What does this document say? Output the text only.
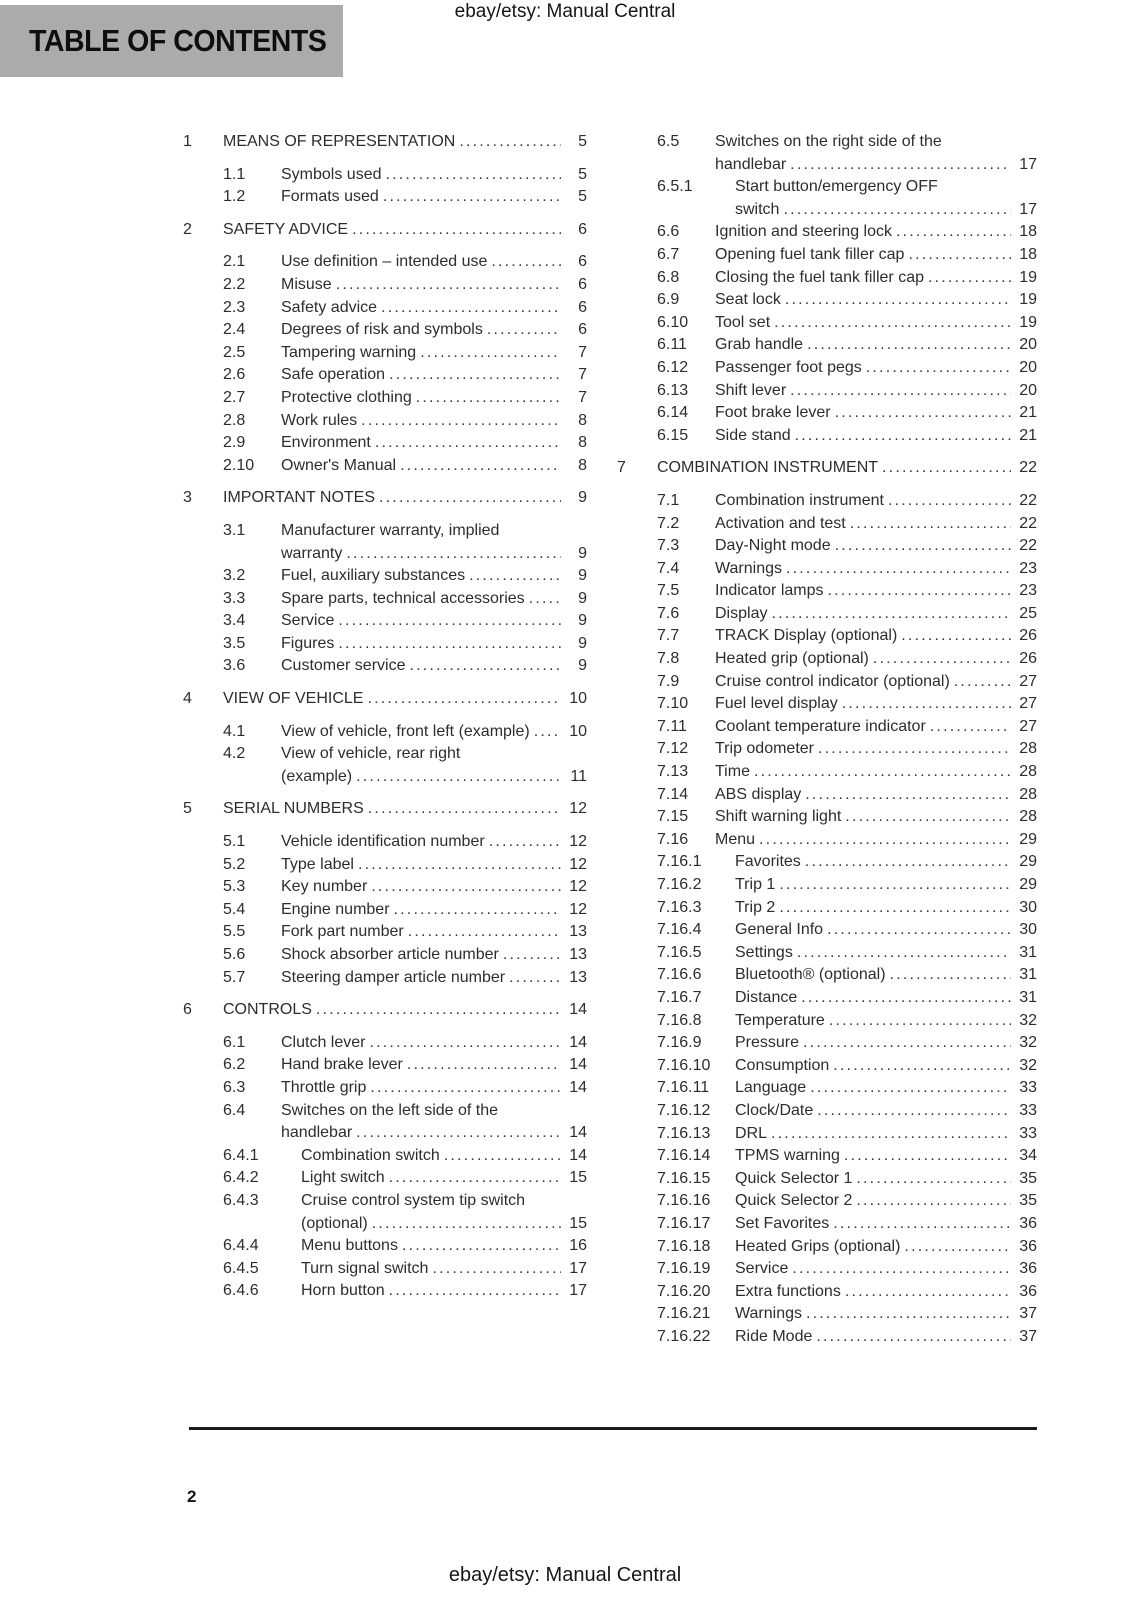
ebay/etsy: Manual Central
TABLE OF CONTENTS
1	MEANS OF REPRESENTATION .....	5
1.1	Symbols used .....	5
1.2	Formats used .....	5
2	SAFETY ADVICE .....	6
2.1	Use definition – intended use .....	6
2.2	Misuse .....	6
2.3	Safety advice .....	6
2.4	Degrees of risk and symbols .....	6
2.5	Tampering warning .....	7
2.6	Safe operation .....	7
2.7	Protective clothing .....	7
2.8	Work rules .....	8
2.9	Environment .....	8
2.10	Owner's Manual .....	8
3	IMPORTANT NOTES .....	9
3.1	Manufacturer warranty, implied
warranty .....	9
3.2	Fuel, auxiliary substances .....	9
3.3	Spare parts, technical accessories .....	9
3.4	Service .....	9
3.5	Figures .....	9
3.6	Customer service .....	9
4	VIEW OF VEHICLE .....	10
4.1	View of vehicle, front left (example) ..... 10
4.2	View of vehicle, rear right
(example) .....	11
5	SERIAL NUMBERS .....	12
5.1	Vehicle identification number .....	12
5.2	Type label .....	12
5.3	Key number .....	12
5.4	Engine number .....	12
5.5	Fork part number .....	13
5.6	Shock absorber article number .....	13
5.7	Steering damper article number .....	13
6	CONTROLS .....	14
6.1	Clutch lever .....	14
6.2	Hand brake lever .....	14
6.3	Throttle grip .....	14
6.4	Switches on the left side of the
handlebar .....	14
6.4.1	Combination switch .....	14
6.4.2	Light switch .....	15
6.4.3	Cruise control system tip switch
(optional) .....	15
6.4.4	Menu buttons .....	16
6.4.5	Turn signal switch .....	17
6.4.6	Horn button .....	17
6.5	Switches on the right side of the
handlebar .....	17
6.5.1	Start button/emergency OFF
switch .....	17
6.6	Ignition and steering lock .....	18
6.7	Opening fuel tank filler cap .....	18
6.8	Closing the fuel tank filler cap .....	19
6.9	Seat lock .....	19
6.10	Tool set .....	19
6.11	Grab handle .....	20
6.12	Passenger foot pegs .....	20
6.13	Shift lever .....	20
6.14	Foot brake lever .....	21
6.15	Side stand .....	21
7	COMBINATION INSTRUMENT .....	22
7.1	Combination instrument .....	22
7.2	Activation and test .....	22
7.3	Day-Night mode .....	22
7.4	Warnings .....	23
7.5	Indicator lamps .....	23
7.6	Display .....	25
7.7	TRACK Display (optional) .....	26
7.8	Heated grip (optional) .....	26
7.9	Cruise control indicator (optional) .....	27
7.10	Fuel level display .....	27
7.11	Coolant temperature indicator .....	27
7.12	Trip odometer .....	28
7.13	Time .....	28
7.14	ABS display .....	28
7.15	Shift warning light .....	28
7.16	Menu .....	29
7.16.1	Favorites .....	29
7.16.2	Trip 1 .....	29
7.16.3	Trip 2 .....	30
7.16.4	General Info .....	30
7.16.5	Settings .....	31
7.16.6	Bluetooth® (optional) .....	31
7.16.7	Distance .....	31
7.16.8	Temperature .....	32
7.16.9	Pressure .....	32
7.16.10	Consumption .....	32
7.16.11	Language .....	33
7.16.12	Clock/Date .....	33
7.16.13	DRL .....	33
7.16.14	TPMS warning .....	34
7.16.15	Quick Selector 1 .....	35
7.16.16	Quick Selector 2 .....	35
7.16.17	Set Favorites .....	36
7.16.18	Heated Grips (optional) .....	36
7.16.19	Service .....	36
7.16.20	Extra functions .....	36
7.16.21	Warnings .....	37
7.16.22	Ride Mode .....	37
2
ebay/etsy: Manual Central
